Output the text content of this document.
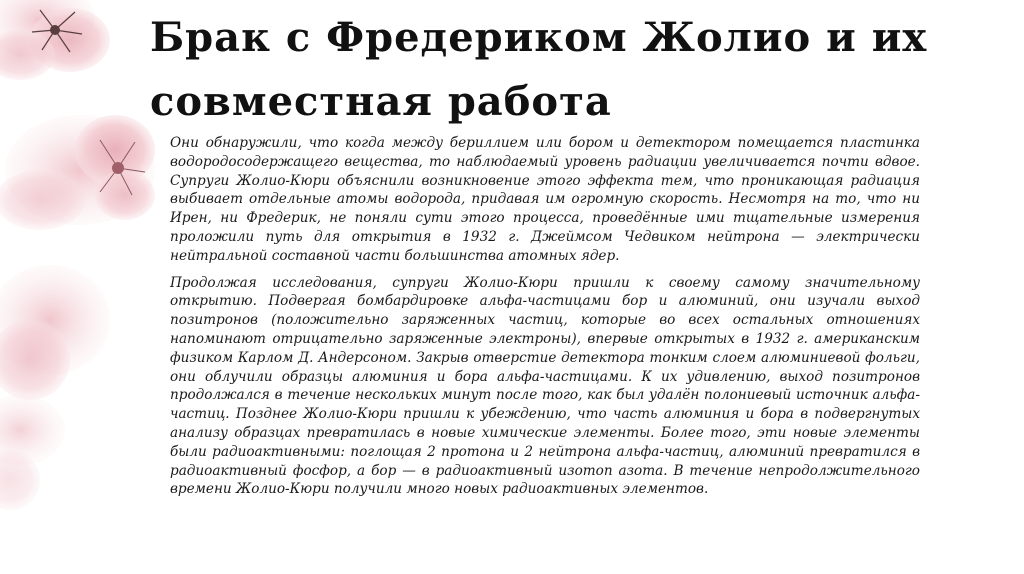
Брак с Фредериком Жолио и их совместная работа

Они обнаружили, что когда между бериллием или бором и детектором помещается пластинка водородосодержащего вещества, то наблюдаемый уровень радиации увеличивается почти вдвое. Супруги Жолио-Кюри объяснили возникновение этого эффекта тем, что проникающая радиация выбивает отдельные атомы водорода, придавая им огромную скорость. Несмотря на то, что ни Ирен, ни Фредерик, не поняли сути этого процесса, проведённые ими тщательные измерения проложили путь для открытия в 1932 г. Джеймсом Чедвиком нейтрона — электрически нейтральной составной части большинства атомных ядер.

Продолжая исследования, супруги Жолио-Кюри пришли к своему самому значительному открытию. Подвергая бомбардировке альфа-частицами бор и алюминий, они изучали выход позитронов (положительно заряженных частиц, которые во всех остальных отношениях напоминают отрицательно заряженные электроны), впервые открытых в 1932 г. американским физиком Карлом Д. Андерсоном. Закрыв отверстие детектора тонким слоем алюминиевой фольги, они облучили образцы алюминия и бора альфа-частицами. К их удивлению, выход позитронов продолжался в течение нескольких минут после того, как был удалён полониевый источник альфа-частиц. Позднее Жолио-Кюри пришли к убеждению, что часть алюминия и бора в подвергнутых анализу образцах превратилась в новые химические элементы. Более того, эти новые элементы были радиоактивными: поглощая 2 протона и 2 нейтрона альфа-частиц, алюминий превратился в радиоактивный фосфор, а бор — в радиоактивный изотоп азота. В течение непродолжительного времени Жолио-Кюри получили много новых радиоактивных элементов.
